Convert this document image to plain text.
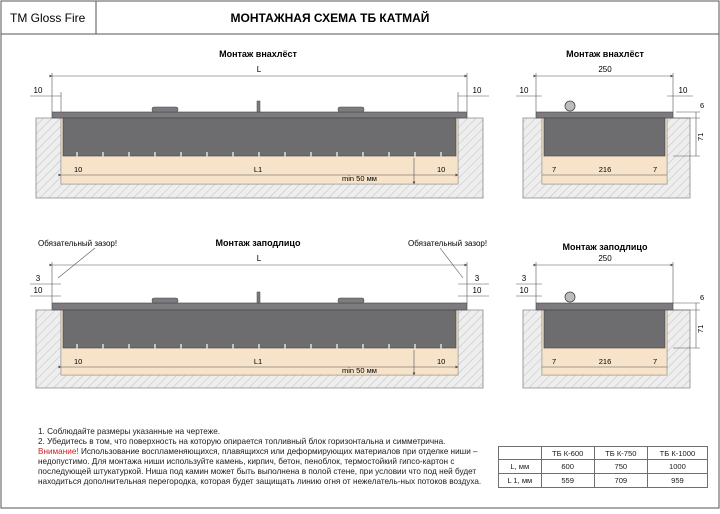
TM Gloss Fire	МОНТАЖНАЯ СХЕМА ТБ КАТМАЙ
Монтаж внахлёст
L
10	10
10	L1	10
min 50 мм
Монтаж внахлёст
250
10	10
6
71
7	216	7
Монтаж заподлицо
Обязательный зазор!	Обязательный зазор!
L
3	3
10	10
10	L1	10
min 50 мм
Монтаж заподлицо
250
3
10
6
71
7	216	7

1. Соблюдайте размеры указанные на чертеже.

2. Убедитесь в том, что поверхность на которую опирается топливный блок горизонтальна и симметрична.

Внимание! Использование воспламеняющихся, плавящихся или деформирующих материалов при отделке ниши – недопустимо. Для монтажа ниши используйте камень, кирпич, бетон, пеноблок, термостойкий гипсо-картон с последующей штукатуркой. Ниша под камин может быть выполнена в полой стене, при условии что под ней будет находиться дополнительная перегородка, которая будет защищать линию огня от нежелатель-ных потоков воздуха.

	ТБ К-600	ТБ К-750	ТБ К-1000
L, мм	600	750	1000
L 1, мм	559	709	959
